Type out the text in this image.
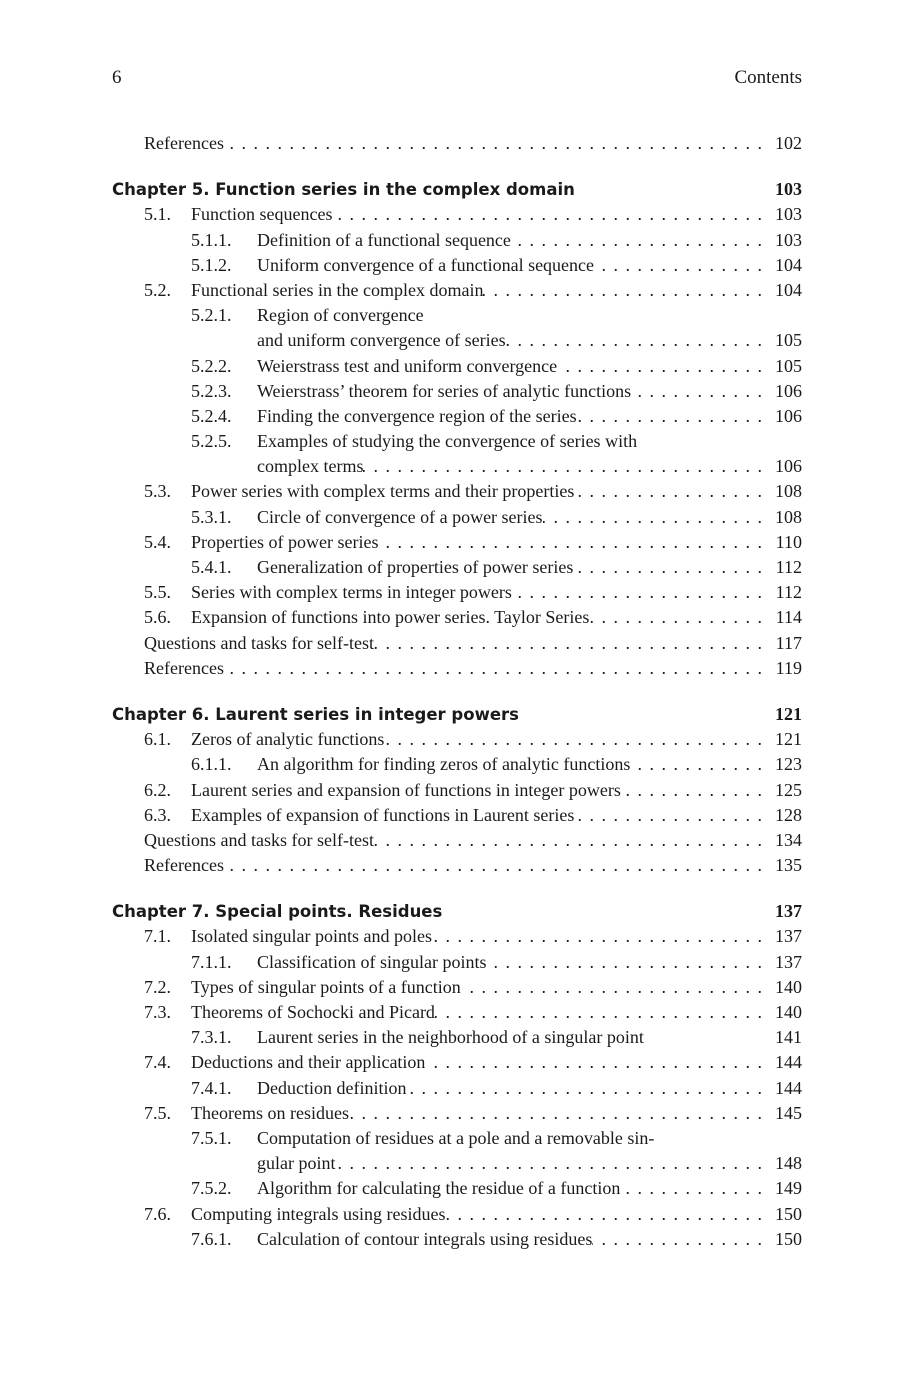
6	Contents
References . . .	102
Chapter 5. Function series in the complex domain	103
5.1.	Function sequences . . .	103
5.1.1.	Definition of a functional sequence . . .	103
5.1.2.	Uniform convergence of a functional sequence . . .	104
5.2.	Functional series in the complex domain . . .	104
5.2.1.	Region of convergence
and uniform convergence of series . . .	105
5.2.2.	Weierstrass test and uniform convergence . . .	105
5.2.3.	Weierstrass’ theorem for series of analytic functions . . .	106
5.2.4.	Finding the convergence region of the series . . .	106
5.2.5.	Examples of studying the convergence of series with
complex terms . . .	106
5.3.	Power series with complex terms and their properties . . .	108
5.3.1.	Circle of convergence of a power series . . .	108
5.4.	Properties of power series . . .	110
5.4.1.	Generalization of properties of power series . . .	112
5.5.	Series with complex terms in integer powers . . .	112
5.6.	Expansion of functions into power series. Taylor Series . . .	114
Questions and tasks for self-test . . .	117
References . . .	119
Chapter 6. Laurent series in integer powers	121
6.1.	Zeros of analytic functions . . .	121
6.1.1.	An algorithm for finding zeros of analytic functions . . .	123
6.2.	Laurent series and expansion of functions in integer powers . . .	125
6.3.	Examples of expansion of functions in Laurent series . . .	128
Questions and tasks for self-test . . .	134
References . . .	135
Chapter 7. Special points. Residues	137
7.1.	Isolated singular points and poles . . .	137
7.1.1.	Classification of singular points . . .	137
7.2.	Types of singular points of a function . . .	140
7.3.	Theorems of Sochocki and Picard . . .	140
7.3.1.	Laurent series in the neighborhood of a singular point	141
7.4.	Deductions and their application . . .	144
7.4.1.	Deduction definition . . .	144
7.5.	Theorems on residues . . .	145
7.5.1.	Computation of residues at a pole and a removable sin-
gular point . . .	148
7.5.2.	Algorithm for calculating the residue of a function . . .	149
7.6.	Computing integrals using residues . . .	150
7.6.1.	Calculation of contour integrals using residues . . .	150
